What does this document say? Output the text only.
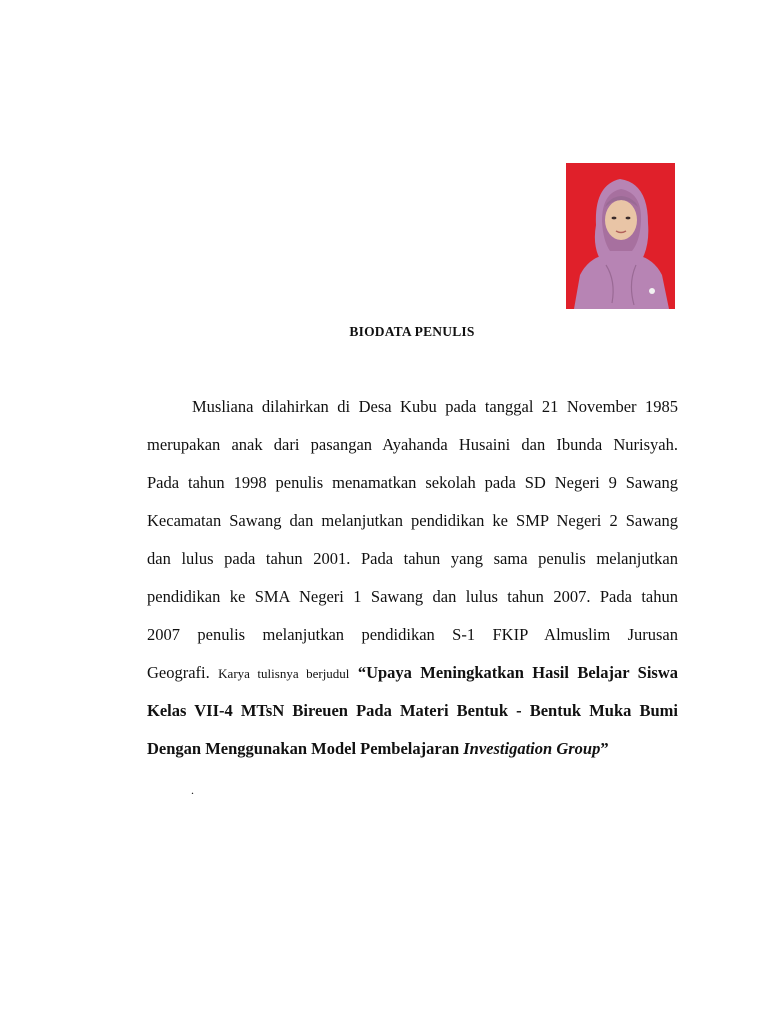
BIODATA PENULIS
Musliana dilahirkan di Desa Kubu pada tanggal 21 November 1985
merupakan anak dari pasangan Ayahanda Husaini dan Ibunda Nurisyah.
Pada tahun 1998 penulis menamatkan sekolah pada SD Negeri 9 Sawang
Kecamatan Sawang dan melanjutkan pendidikan ke SMP Negeri 2 Sawang
dan lulus pada tahun 2001. Pada tahun yang sama penulis melanjutkan
pendidikan ke SMA Negeri 1 Sawang dan lulus tahun 2007. Pada tahun
2007 penulis melanjutkan pendidikan S-1 FKIP Almuslim Jurusan
Geografi. Karya tulisnya berjudul “Upaya Meningkatkan Hasil Belajar Siswa
Kelas VII-4 MTsN Bireuen Pada Materi Bentuk - Bentuk Muka Bumi
Dengan Menggunakan Model Pembelajaran Investigation Group”
.
